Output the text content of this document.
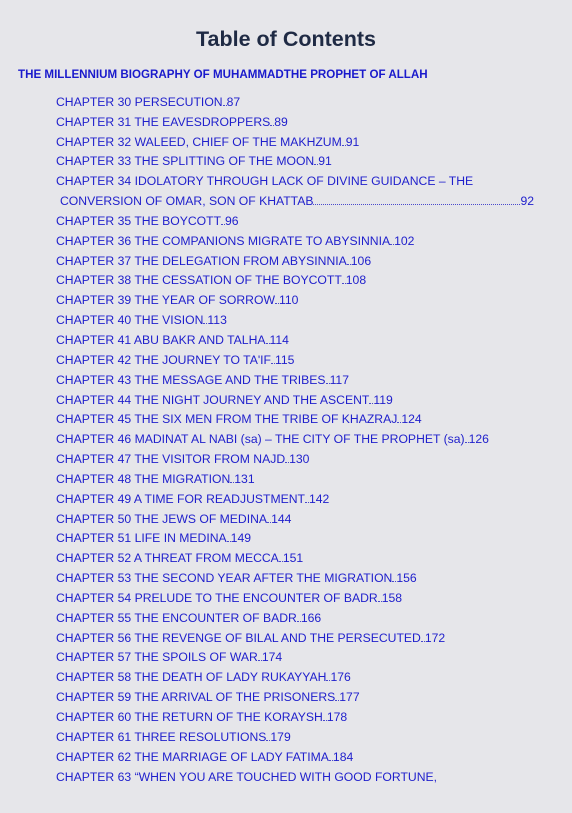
Table of Contents
THE MILLENNIUM BIOGRAPHY OF MUHAMMADTHE PROPHET OF ALLAH
CHAPTER 30 PERSECUTION 87
CHAPTER 31 THE EAVESDROPPERS 89
CHAPTER 32 WALEED, CHIEF OF THE MAKHZUM 91
CHAPTER 33 THE SPLITTING OF THE MOON 91
CHAPTER 34 IDOLATORY THROUGH LACK OF DIVINE GUIDANCE – THE
CONVERSION OF OMAR, SON OF KHATTAB	92
CHAPTER 35 THE BOYCOTT 96
CHAPTER 36 THE COMPANIONS MIGRATE TO ABYSINNIA 102
CHAPTER 37 THE DELEGATION FROM ABYSINNIA 106
CHAPTER 38 THE CESSATION OF THE BOYCOTT 108
CHAPTER 39 THE YEAR OF SORROW 110
CHAPTER 40 THE VISION 113
CHAPTER 41 ABU BAKR AND TALHA 114
CHAPTER 42 THE JOURNEY TO TA'IF 115
CHAPTER 43 THE MESSAGE AND THE TRIBES 117
CHAPTER 44 THE NIGHT JOURNEY AND THE ASCENT 119
CHAPTER 45 THE SIX MEN FROM THE TRIBE OF KHAZRAJ 124
CHAPTER 46 MADINAT AL NABI (sa) – THE CITY OF THE PROPHET (sa) 126
CHAPTER 47 THE VISITOR FROM NAJD 130
CHAPTER 48 THE MIGRATION 131
CHAPTER 49 A TIME FOR READJUSTMENT 142
CHAPTER 50 THE JEWS OF MEDINA 144
CHAPTER 51 LIFE IN MEDINA 149
CHAPTER 52 A THREAT FROM MECCA 151
CHAPTER 53 THE SECOND YEAR AFTER THE MIGRATION 156
CHAPTER 54 PRELUDE TO THE ENCOUNTER OF BADR 158
CHAPTER 55 THE ENCOUNTER OF BADR 166
CHAPTER 56 THE REVENGE OF BILAL AND THE PERSECUTED 172
CHAPTER 57 THE SPOILS OF WAR 174
CHAPTER 58 THE DEATH OF LADY RUKAYYAH 176
CHAPTER 59 THE ARRIVAL OF THE PRISONERS 177
CHAPTER 60 THE RETURN OF THE KORAYSH 178
CHAPTER 61 THREE RESOLUTIONS 179
CHAPTER 62 THE MARRIAGE OF LADY FATIMA 184
CHAPTER 63 “WHEN YOU ARE TOUCHED WITH GOOD FORTUNE,
